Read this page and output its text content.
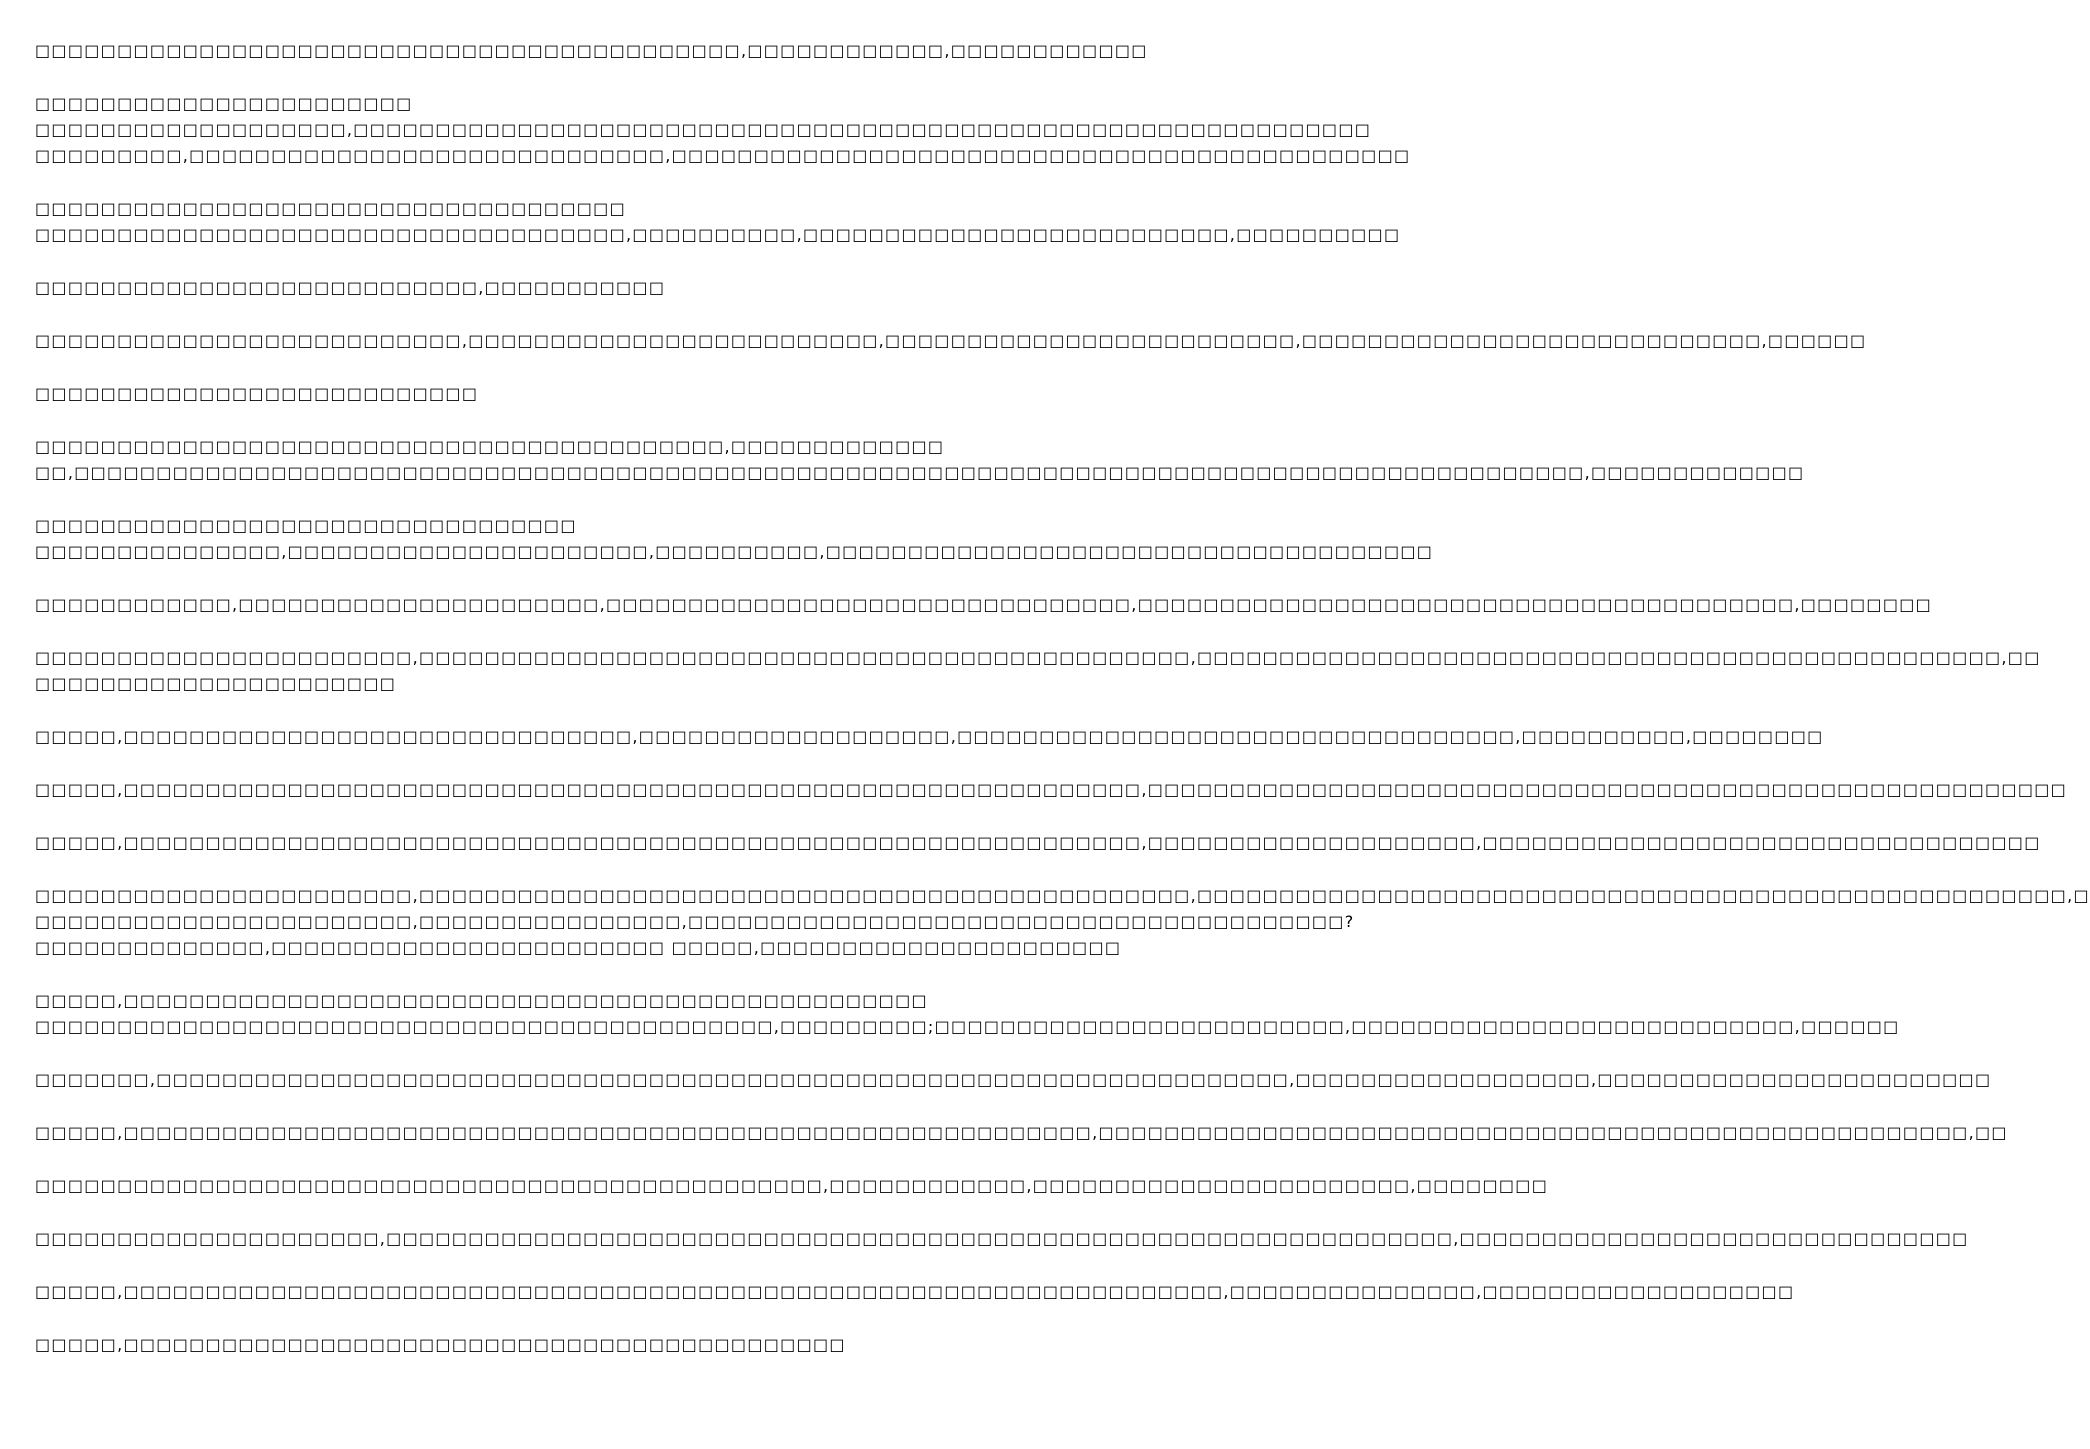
□□□□□□□□□□□□□□□□□□□□□□□□□□□□□□□□□□□□□□□□□□□,□□□□□□□□□□□□,□□□□□□□□□□□□
□□□□□□□□□□□□□□□□□□□□□□□
□□□□□□□□□□□□□□□□□□□,□□□□□□□□□□□□□□□□□□□□□□□□□□□□□□□□□□□□□□□□□□□□□□□□□□□□□□□□□□□□□□
□□□□□□□□□,□□□□□□□□□□□□□□□□□□□□□□□□□□□□□,□□□□□□□□□□□□□□□□□□□□□□□□□□□□□□□□□□□□□□□□□□□□□
□□□□□□□□□□□□□□□□□□□□□□□□□□□□□□□□□□□□
□□□□□□□□□□□□□□□□□□□□□□□□□□□□□□□□□□□□,□□□□□□□□□□,□□□□□□□□□□□□□□□□□□□□□□□□□□,□□□□□□□□□□
□□□□□□□□□□□□□□□□□□□□□□□□□□□,□□□□□□□□□□□
□□□□□□□□□□□□□□□□□□□□□□□□□□,□□□□□□□□□□□□□□□□□□□□□□□□□,□□□□□□□□□□□□□□□□□□□□□□□□□,□□□□□□□□□□□□□□□□□□□□□□□□□□□□,□□□□□□
□□□□□□□□□□□□□□□□□□□□□□□□□□□
□□□□□□□□□□□□□□□□□□□□□□□□□□□□□□□□□□□□□□□□□□,□□□□□□□□□□□□□
□□,□□□□□□□□□□□□□□□□□□□□□□□□□□□□□□□□□□□□□□□□□□□□□□□□□□□□□□□□□□□□□□□□□□□□□□□□□□□□□□□□□□□□□□□□□□□□,□□□□□□□□□□□□□
□□□□□□□□□□□□□□□□□□□□□□□□□□□□□□□□□
□□□□□□□□□□□□□□□,□□□□□□□□□□□□□□□□□□□□□□,□□□□□□□□□□,□□□□□□□□□□□□□□□□□□□□□□□□□□□□□□□□□□□□□
□□□□□□□□□□□□,□□□□□□□□□□□□□□□□□□□□□□,□□□□□□□□□□□□□□□□□□□□□□□□□□□□□□□□,□□□□□□□□□□□□□□□□□□□□□□□□□□□□□□□□□□□□□□□□,□□□□□□□□
□□□□□□□□□□□□□□□□□□□□□□□,□□□□□□□□□□□□□□□□□□□□□□□□□□□□□□□□□□□□□□□□□□□□□□□,□□□□□□□□□□□□□□□□□□□□□□□□□□□□□□□□□□□□□□□□□□□□□□□□□,□□
□□□□□□□□□□□□□□□□□□□□□□
□□□□□,□□□□□□□□□□□□□□□□□□□□□□□□□□□□□□□,□□□□□□□□□□□□□□□□□□□,□□□□□□□□□□□□□□□□□□□□□□□□□□□□□□□□□□,□□□□□□□□□□,□□□□□□□□
□□□□□,□□□□□□□□□□□□□□□□□□□□□□□□□□□□□□□□□□□□□□□□□□□□□□□□□□□□□□□□□□□□□□,□□□□□□□□□□□□□□□□□□□□□□□□□□□□□□□□□□□□□□□□□□□□□□□□□□□□□□□□
□□□□□,□□□□□□□□□□□□□□□□□□□□□□□□□□□□□□□□□□□□□□□□□□□□□□□□□□□□□□□□□□□□□□,□□□□□□□□□□□□□□□□□□□□,□□□□□□□□□□□□□□□□□□□□□□□□□□□□□□□□□□
□□□□□□□□□□□□□□□□□□□□□□□,□□□□□□□□□□□□□□□□□□□□□□□□□□□□□□□□□□□□□□□□□□□□□□□,□□□□□□□□□□□□□□□□□□□□□□□□□□□□□□□□□□□□□□□□□□□□□□□□□□□□□,□
□□□□□□□□□□□□□□□□□□□□□□□,□□□□□□□□□□□□□□□□,□□□□□□□□□□□□□□□□□□□□□□□□□□□□□□□□□□□□□□□□?
□□□□□□□□□□□□□□,□□□□□□□□□□□□□□□□□□□□□□□□ □□□□□,□□□□□□□□□□□□□□□□□□□□□□
□□□□□,□□□□□□□□□□□□□□□□□□□□□□□□□□□□□□□□□□□□□□□□□□□□□□□□□
□□□□□□□□□□□□□□□□□□□□□□□□□□□□□□□□□□□□□□□□□□□□□,□□□□□□□□□;□□□□□□□□□□□□□□□□□□□□□□□□□,□□□□□□□□□□□□□□□□□□□□□□□□□□□,□□□□□□
□□□□□□□,□□□□□□□□□□□□□□□□□□□□□□□□□□□□□□□□□□□□□□□□□□□□□□□□□□□□□□□□□□□□□□□□□□□□□,□□□□□□□□□□□□□□□□□□,□□□□□□□□□□□□□□□□□□□□□□□□
□□□□□,□□□□□□□□□□□□□□□□□□□□□□□□□□□□□□□□□□□□□□□□□□□□□□□□□□□□□□□□□□□,□□□□□□□□□□□□□□□□□□□□□□□□□□□□□□□□□□□□□□□□□□□□□□□□□□□□□,□□
□□□□□□□□□□□□□□□□□□□□□□□□□□□□□□□□□□□□□□□□□□□□□□□□,□□□□□□□□□□□□,□□□□□□□□□□□□□□□□□□□□□□□,□□□□□□□□
□□□□□□□□□□□□□□□□□□□□□,□□□□□□□□□□□□□□□□□□□□□□□□□□□□□□□□□□□□□□□□□□□□□□□□□□□□□□□□□□□□□□□□□,□□□□□□□□□□□□□□□□□□□□□□□□□□□□□□□
□□□□□,□□□□□□□□□□□□□□□□□□□□□□□□□□□□□□□□□□□□□□□□□□□□□□□□□□□□□□□□□□□□□□□□□□□,□□□□□□□□□□□□□□□,□□□□□□□□□□□□□□□□□□□
□□□□□,□□□□□□□□□□□□□□□□□□□□□□□□□□□□□□□□□□□□□□□□□□□□
